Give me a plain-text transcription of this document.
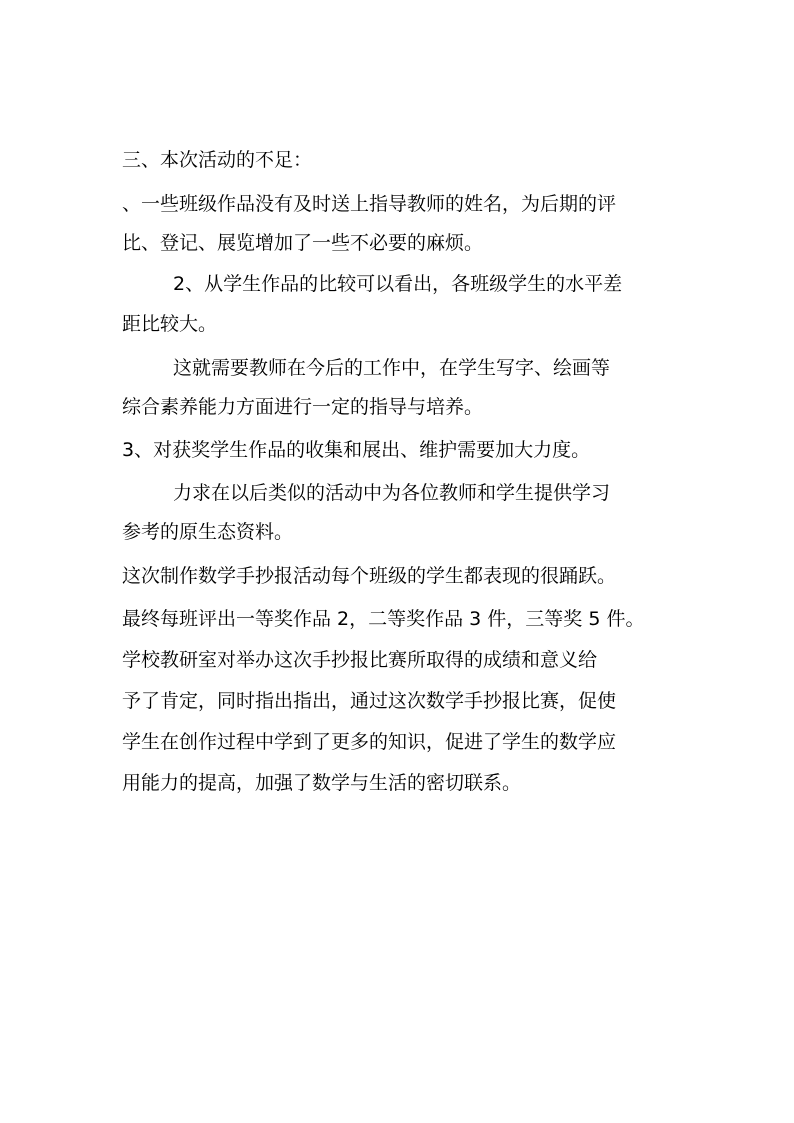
三、本次活动的不足：

、一些班级作品没有及时送上指导教师的姓名，为后期的评

比、登记、展览增加了一些不必要的麻烦。

2、从学生作品的比较可以看出，各班级学生的水平差

距比较大。

这就需要教师在今后的工作中，在学生写字、绘画等

综合素养能力方面进行一定的指导与培养。

3、对获奖学生作品的收集和展出、维护需要加大力度。

力求在以后类似的活动中为各位教师和学生提供学习

参考的原生态资料。

这次制作数学手抄报活动每个班级的学生都表现的很踊跃。

最终每班评出一等奖作品 2，二等奖作品 3 件，三等奖 5 件。

学校教研室对举办这次手抄报比赛所取得的成绩和意义给

予了肯定，同时指出指出，通过这次数学手抄报比赛，促使

学生在创作过程中学到了更多的知识，促进了学生的数学应

用能力的提高，加强了数学与生活的密切联系。
